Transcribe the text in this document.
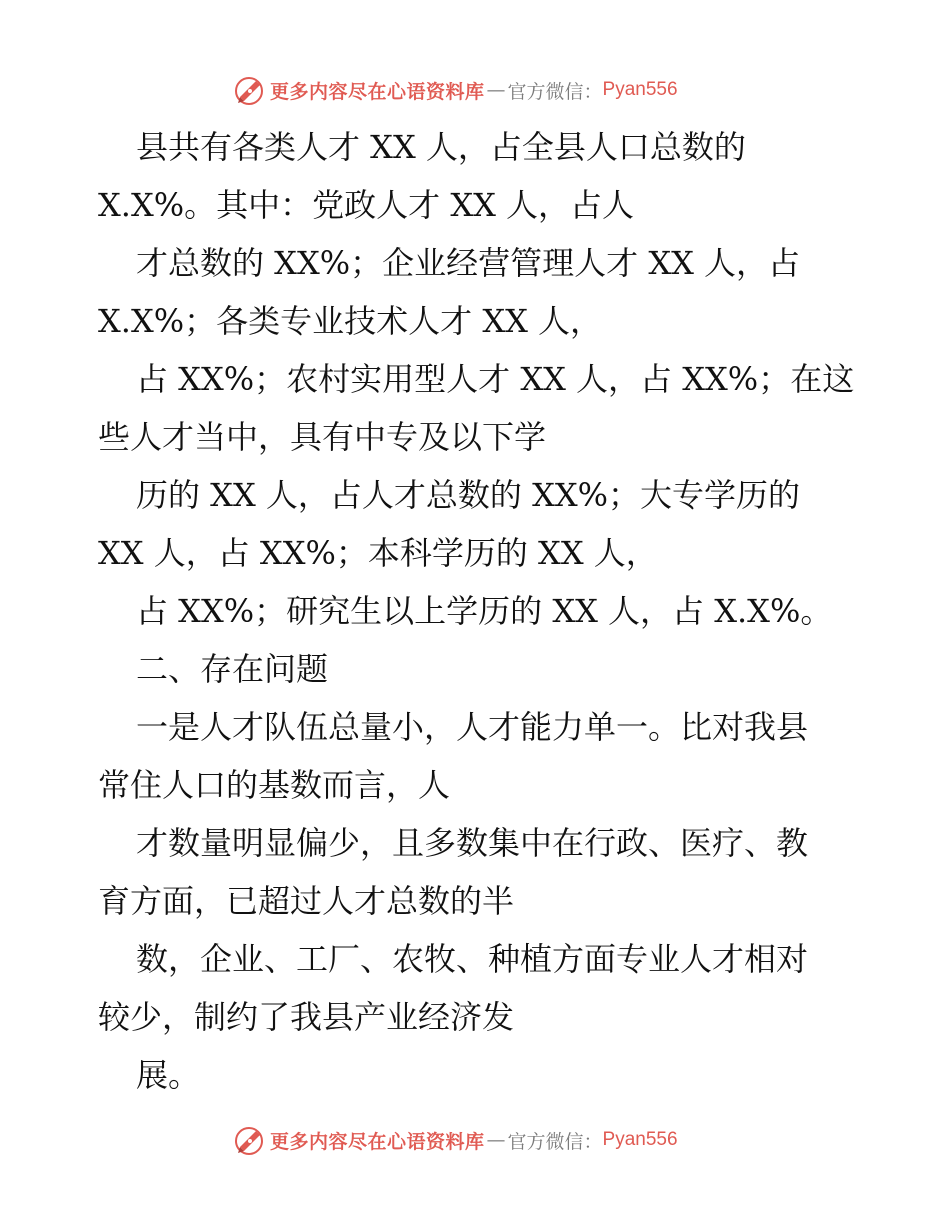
更多内容尽在心语资料库 — 官方微信： Pyan556
县共有各类人才 XX 人，占全县人口总数的
X.X%。其中：党政人才 XX 人，占人
才总数的 XX%；企业经营管理人才 XX 人，占
X.X%；各类专业技术人才 XX 人，
占 XX%；农村实用型人才 XX 人，占 XX%；在这
些人才当中，具有中专及以下学
历的 XX 人，占人才总数的 XX%；大专学历的
XX 人，占 XX%；本科学历的 XX 人，
占 XX%；研究生以上学历的 XX 人，占 X.X%。
二、存在问题
一是人才队伍总量小，人才能力单一。比对我县
常住人口的基数而言，人
才数量明显偏少，且多数集中在行政、医疗、教
育方面，已超过人才总数的半
数，企业、工厂、农牧、种植方面专业人才相对
较少，制约了我县产业经济发
展。
更多内容尽在心语资料库 — 官方微信： Pyan556
